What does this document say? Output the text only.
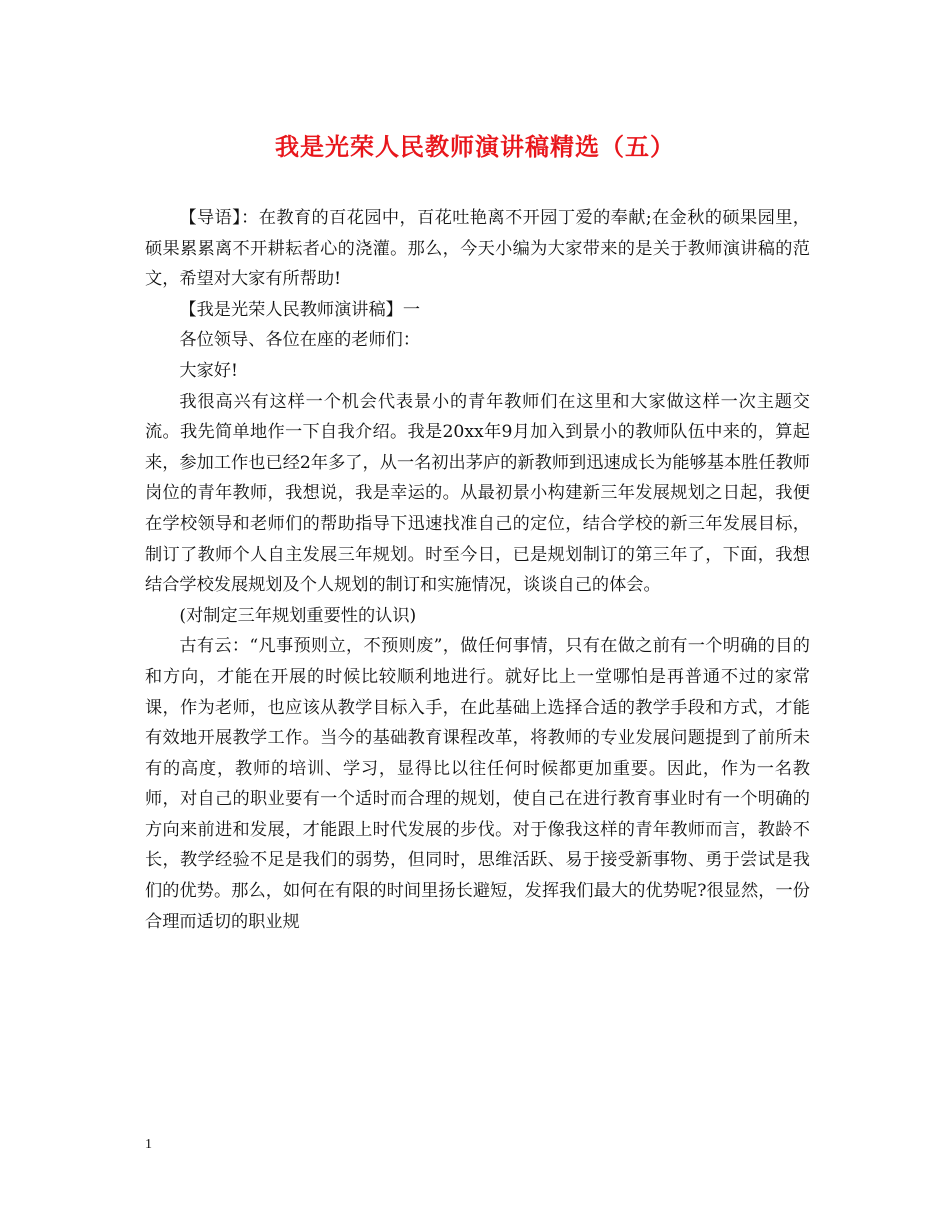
我是光荣人民教师演讲稿精选（五）

【导语】：在教育的百花园中，百花吐艳离不开园丁爱的奉献;在金秋的硕果园里，硕果累累离不开耕耘者心的浇灌。那么，今天小编为大家带来的是关于教师演讲稿的范文，希望对大家有所帮助!

【我是光荣人民教师演讲稿】一

各位领导、各位在座的老师们：

大家好!

我很高兴有这样一个机会代表景小的青年教师们在这里和大家做这样一次主题交流。我先简单地作一下自我介绍。我是20xx年9月加入到景小的教师队伍中来的，算起来，参加工作也已经2年多了，从一名初出茅庐的新教师到迅速成长为能够基本胜任教师岗位的青年教师，我想说，我是幸运的。从最初景小构建新三年发展规划之日起，我便在学校领导和老师们的帮助指导下迅速找准自己的定位，结合学校的新三年发展目标，制订了教师个人自主发展三年规划。时至今日，已是规划制订的第三年了，下面，我想结合学校发展规划及个人规划的制订和实施情况，谈谈自己的体会。

(对制定三年规划重要性的认识)

古有云：“凡事预则立，不预则废”，做任何事情，只有在做之前有一个明确的目的和方向，才能在开展的时候比较顺利地进行。就好比上一堂哪怕是再普通不过的家常课，作为老师，也应该从教学目标入手，在此基础上选择合适的教学手段和方式，才能有效地开展教学工作。当今的基础教育课程改革，将教师的专业发展问题提到了前所未有的高度，教师的培训、学习，显得比以往任何时候都更加重要。因此，作为一名教师，对自己的职业要有一个适时而合理的规划，使自己在进行教育事业时有一个明确的方向来前进和发展，才能跟上时代发展的步伐。对于像我这样的青年教师而言，教龄不长，教学经验不足是我们的弱势，但同时，思维活跃、易于接受新事物、勇于尝试是我们的优势。那么，如何在有限的时间里扬长避短，发挥我们最大的优势呢?很显然，一份合理而适切的职业规

1
